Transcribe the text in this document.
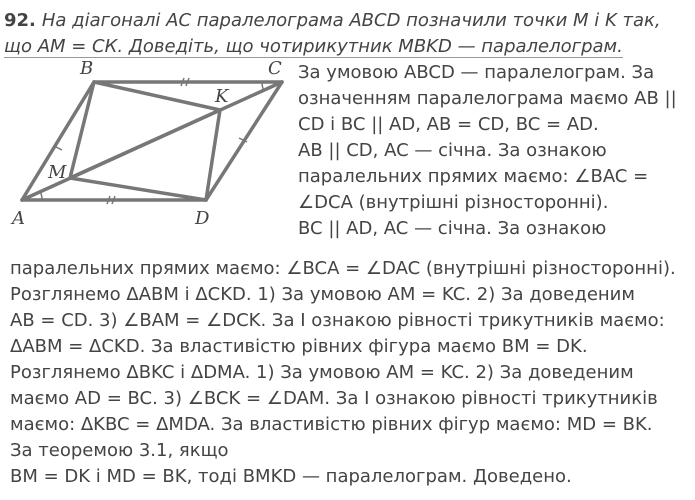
92. На діагоналі АС паралелограма ABCD позначили точки M і K так,
що АМ = СК. Доведіть, що чотирикутник MBKD — паралелограм.
B	C
K
M
A	D
За умовою ABCD — паралелограм. За
означенням паралелограма маємо AB ||
CD і BC || AD, AB = CD, BC = AD.
AB || CD, AC — січна. За ознакою
паралельних прямих маємо: ∠BAC =
∠DCA (внутрішні різносторонні).
BC || AD, AC — січна. За ознакою
паралельних прямих маємо: ∠BCA = ∠DAC (внутрішні різносторонні).
Розглянемо ΔABM і ΔCKD. 1) За умовою AM = KC. 2) За доведеним
AB = CD. 3) ∠BAM = ∠DCK. За I ознакою рівності трикутників маємо:
ΔABM = ΔCKD. За властивістю рівних фігура маємо BM = DK.
Розглянемо ΔBKC і ΔDMA. 1) За умовою AM = KC. 2) За доведеним
маємо AD = BC. 3) ∠BCK = ∠DAM. За I ознакою рівності трикутників
маємо: ΔKBC = ΔMDA. За властивістю рівних фігур маємо: MD = BK.
За теоремою 3.1, якщо
BM = DK і MD = BK, тоді BMKD — паралелограм. Доведено.
